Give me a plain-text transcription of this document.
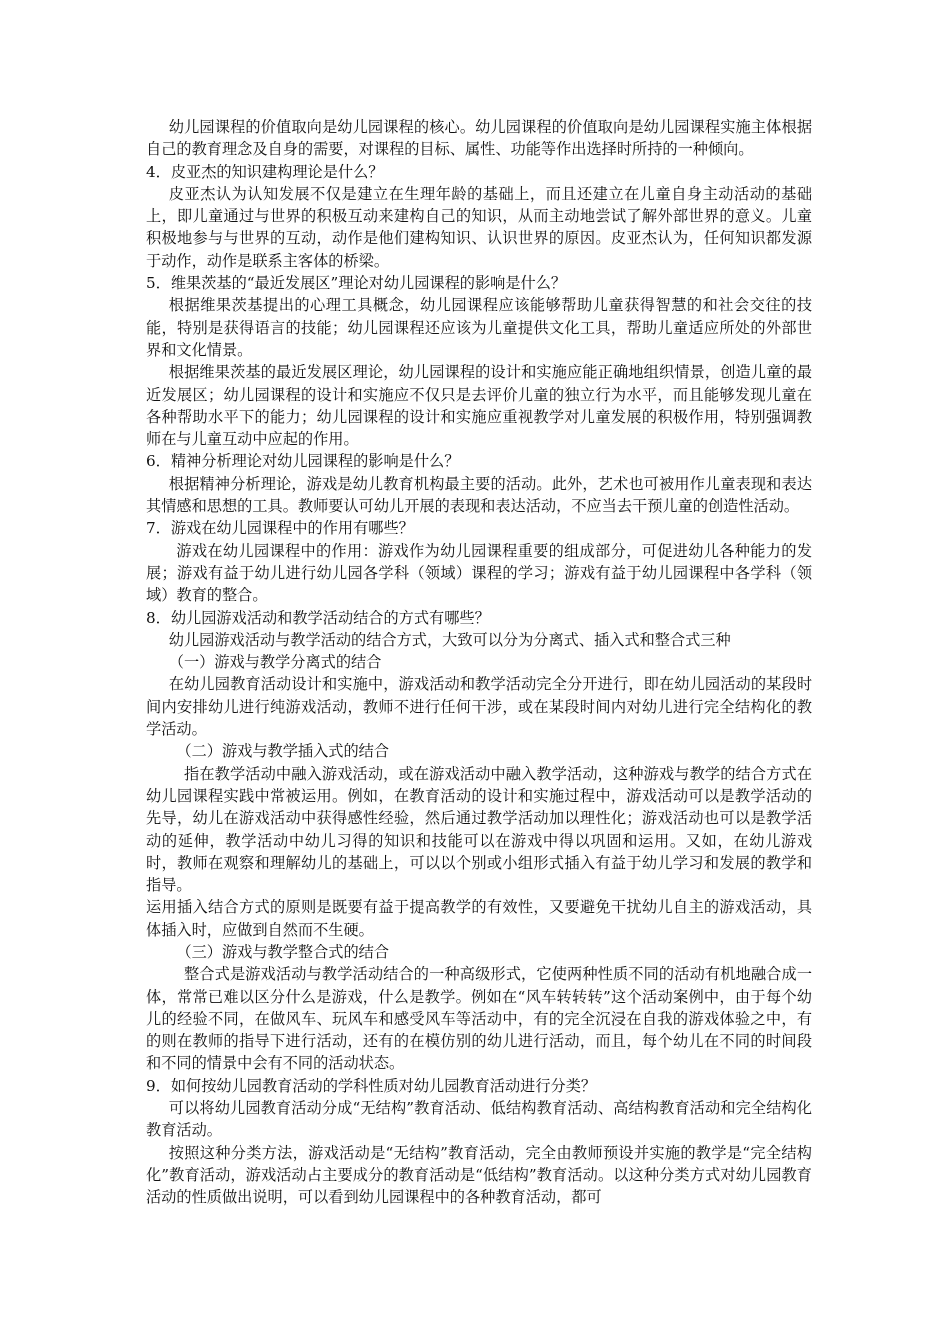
幼儿园课程的价值取向是幼儿园课程的核心。幼儿园课程的价值取向是幼儿园课程实施主体根据自己的教育理念及自身的需要，对课程的目标、属性、功能等作出选择时所持的一种倾向。

4．皮亚杰的知识建构理论是什么？

皮亚杰认为认知发展不仅是建立在生理年龄的基础上，而且还建立在儿童自身主动活动的基础上，即儿童通过与世界的积极互动来建构自己的知识，从而主动地尝试了解外部世界的意义。儿童积极地参与与世界的互动，动作是他们建构知识、认识世界的原因。皮亚杰认为，任何知识都发源于动作，动作是联系主客体的桥梁。

5．维果茨基的“最近发展区”理论对幼儿园课程的影响是什么？

根据维果茨基提出的心理工具概念，幼儿园课程应该能够帮助儿童获得智慧的和社会交往的技能，特别是获得语言的技能；幼儿园课程还应该为儿童提供文化工具，帮助儿童适应所处的外部世界和文化情景。

根据维果茨基的最近发展区理论，幼儿园课程的设计和实施应能正确地组织情景，创造儿童的最近发展区；幼儿园课程的设计和实施应不仅只是去评价儿童的独立行为水平，而且能够发现儿童在各种帮助水平下的能力；幼儿园课程的设计和实施应重视教学对儿童发展的积极作用，特别强调教师在与儿童互动中应起的作用。

6．精神分析理论对幼儿园课程的影响是什么？

根据精神分析理论，游戏是幼儿教育机构最主要的活动。此外，艺术也可被用作儿童表现和表达其情感和思想的工具。教师要认可幼儿开展的表现和表达活动，不应当去干预儿童的创造性活动。

7．游戏在幼儿园课程中的作用有哪些？

游戏在幼儿园课程中的作用：游戏作为幼儿园课程重要的组成部分，可促进幼儿各种能力的发展；游戏有益于幼儿进行幼儿园各学科（领域）课程的学习；游戏有益于幼儿园课程中各学科（领域）教育的整合。

8．幼儿园游戏活动和教学活动结合的方式有哪些？

幼儿园游戏活动与教学活动的结合方式，大致可以分为分离式、插入式和整合式三种

（一）游戏与教学分离式的结合

在幼儿园教育活动设计和实施中，游戏活动和教学活动完全分开进行，即在幼儿园活动的某段时间内安排幼儿进行纯游戏活动，教师不进行任何干涉，或在某段时间内对幼儿进行完全结构化的教学活动。

（二）游戏与教学插入式的结合

指在教学活动中融入游戏活动，或在游戏活动中融入教学活动，这种游戏与教学的结合方式在幼儿园课程实践中常被运用。例如，在教育活动的设计和实施过程中，游戏活动可以是教学活动的先导，幼儿在游戏活动中获得感性经验，然后通过教学活动加以理性化；游戏活动也可以是教学活动的延伸，教学活动中幼儿习得的知识和技能可以在游戏中得以巩固和运用。又如，在幼儿游戏时，教师在观察和理解幼儿的基础上，可以以个别或小组形式插入有益于幼儿学习和发展的教学和指导。

运用插入结合方式的原则是既要有益于提高教学的有效性，又要避免干扰幼儿自主的游戏活动，具体插入时，应做到自然而不生硬。

（三）游戏与教学整合式的结合

整合式是游戏活动与教学活动结合的一种高级形式，它使两种性质不同的活动有机地融合成一体，常常已难以区分什么是游戏，什么是教学。例如在“风车转转转”这个活动案例中，由于每个幼儿的经验不同，在做风车、玩风车和感受风车等活动中，有的完全沉浸在自我的游戏体验之中，有的则在教师的指导下进行活动，还有的在模仿别的幼儿进行活动，而且，每个幼儿在不同的时间段和不同的情景中会有不同的活动状态。

9．如何按幼儿园教育活动的学科性质对幼儿园教育活动进行分类？

可以将幼儿园教育活动分成“无结构”教育活动、低结构教育活动、高结构教育活动和完全结构化教育活动。

按照这种分类方法，游戏活动是“无结构”教育活动，完全由教师预设并实施的教学是“完全结构化”教育活动，游戏活动占主要成分的教育活动是“低结构”教育活动。以这种分类方式对幼儿园教育活动的性质做出说明，可以看到幼儿园课程中的各种教育活动，都可
